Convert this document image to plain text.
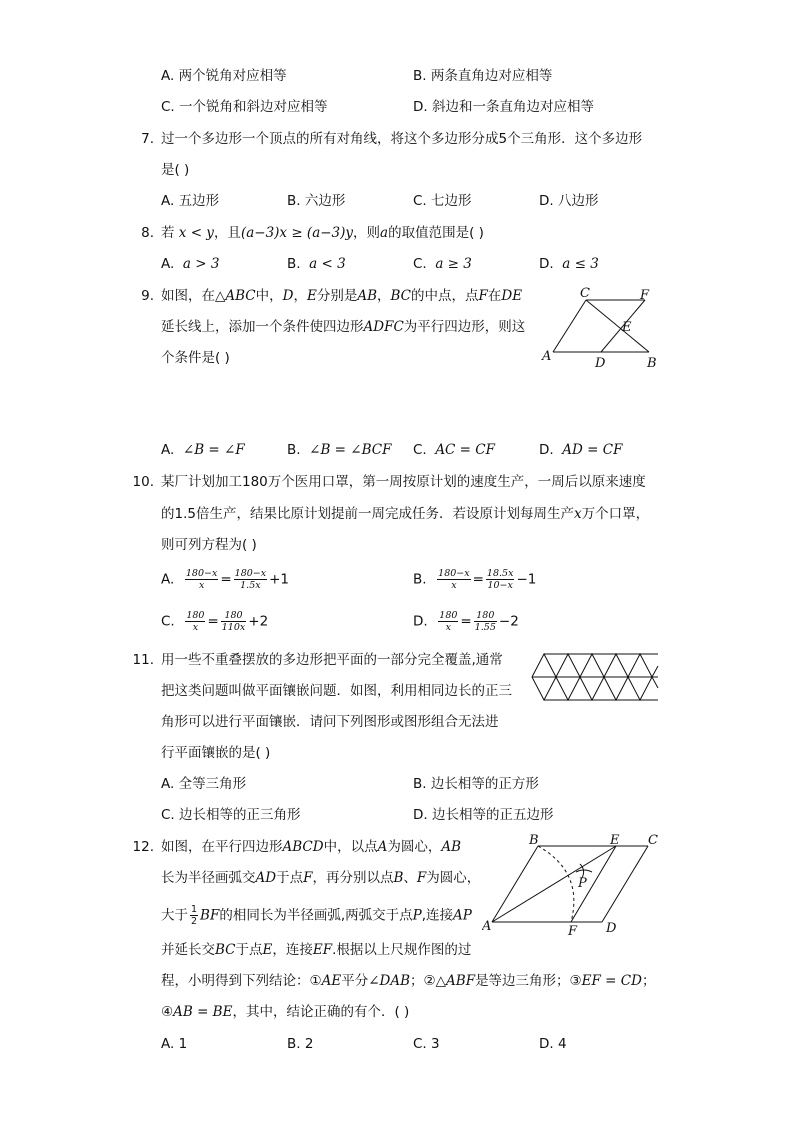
A. 两个锐角对应相等	B. 两条直角边对应相等
C. 一个锐角和斜边对应相等	D. 斜边和一条直角边对应相等
7. 过一个多边形一个顶点的所有对角线，将这个多边形分成5个三角形．这个多边形
是( )
A. 五边形	B. 六边形	C. 七边形	D. 八边形
8. 若 x < y，且(a−3)x ≥ (a−3)y，则a的取值范围是( )
A. a > 3	B. a < 3	C. a ≥ 3	D. a ≤ 3
9. 如图，在△ABC中，D，E分别是AB，BC的中点，点F在DE
延长线上，添加一个条件使四边形ADFC为平行四边形，则这
个条件是( )	A	B
C
D
E
F
A. ∠B = ∠F	B. ∠B = ∠BCF C. AC = CF	D. AD = CF
10. 某厂计划加工180万个医用口罩，第一周按原计划的速度生产，一周后以原来速度
的1.5倍生产，结果比原计划提前一周完成任务．若设原计划每周生产x万个口罩，
则可列方程为( )
A. $\frac{180-x}{x} = \frac{180-x}{1.5x} +1$	B. $\frac{180-x}{x} = \frac{18.5x}{10-x} -1$
C. $\frac{180}{x} = \frac{180}{110x} +2$	D. $\frac{180}{x} = \frac{180}{1.55} -2$
11. 用一些不重叠摆放的多边形把平面的一部分完全覆盖,通常
把这类问题叫做平面镶嵌问题．如图，利用相同边长的正三
角形可以进行平面镶嵌．请问下列图形或图形组合无法进
行平面镶嵌的是( )
A. 全等三角形	B. 边长相等的正方形
C. 边长相等的正三角形	D. 边长相等的正五边形
12. 如图，在平行四边形ABCD中，以点A为圆心，AB
长为半径画弧交AD于点F，再分别以点B、F为圆心，
大于 $\frac{1}{2}$ BF的相同长为半径画弧,两弧交于点P,连接AP
并延长交BC于点E，连接EF.根据以上尺规作图的过
程，小明得到下列结论：①AE平分∠DAB；②△ABF是等边三角形；③EF = CD；
④AB = BE，其中，结论正确的有个．( )
A
B	C
D
E
F
P
A. 1	B. 2	C. 3	D. 4
